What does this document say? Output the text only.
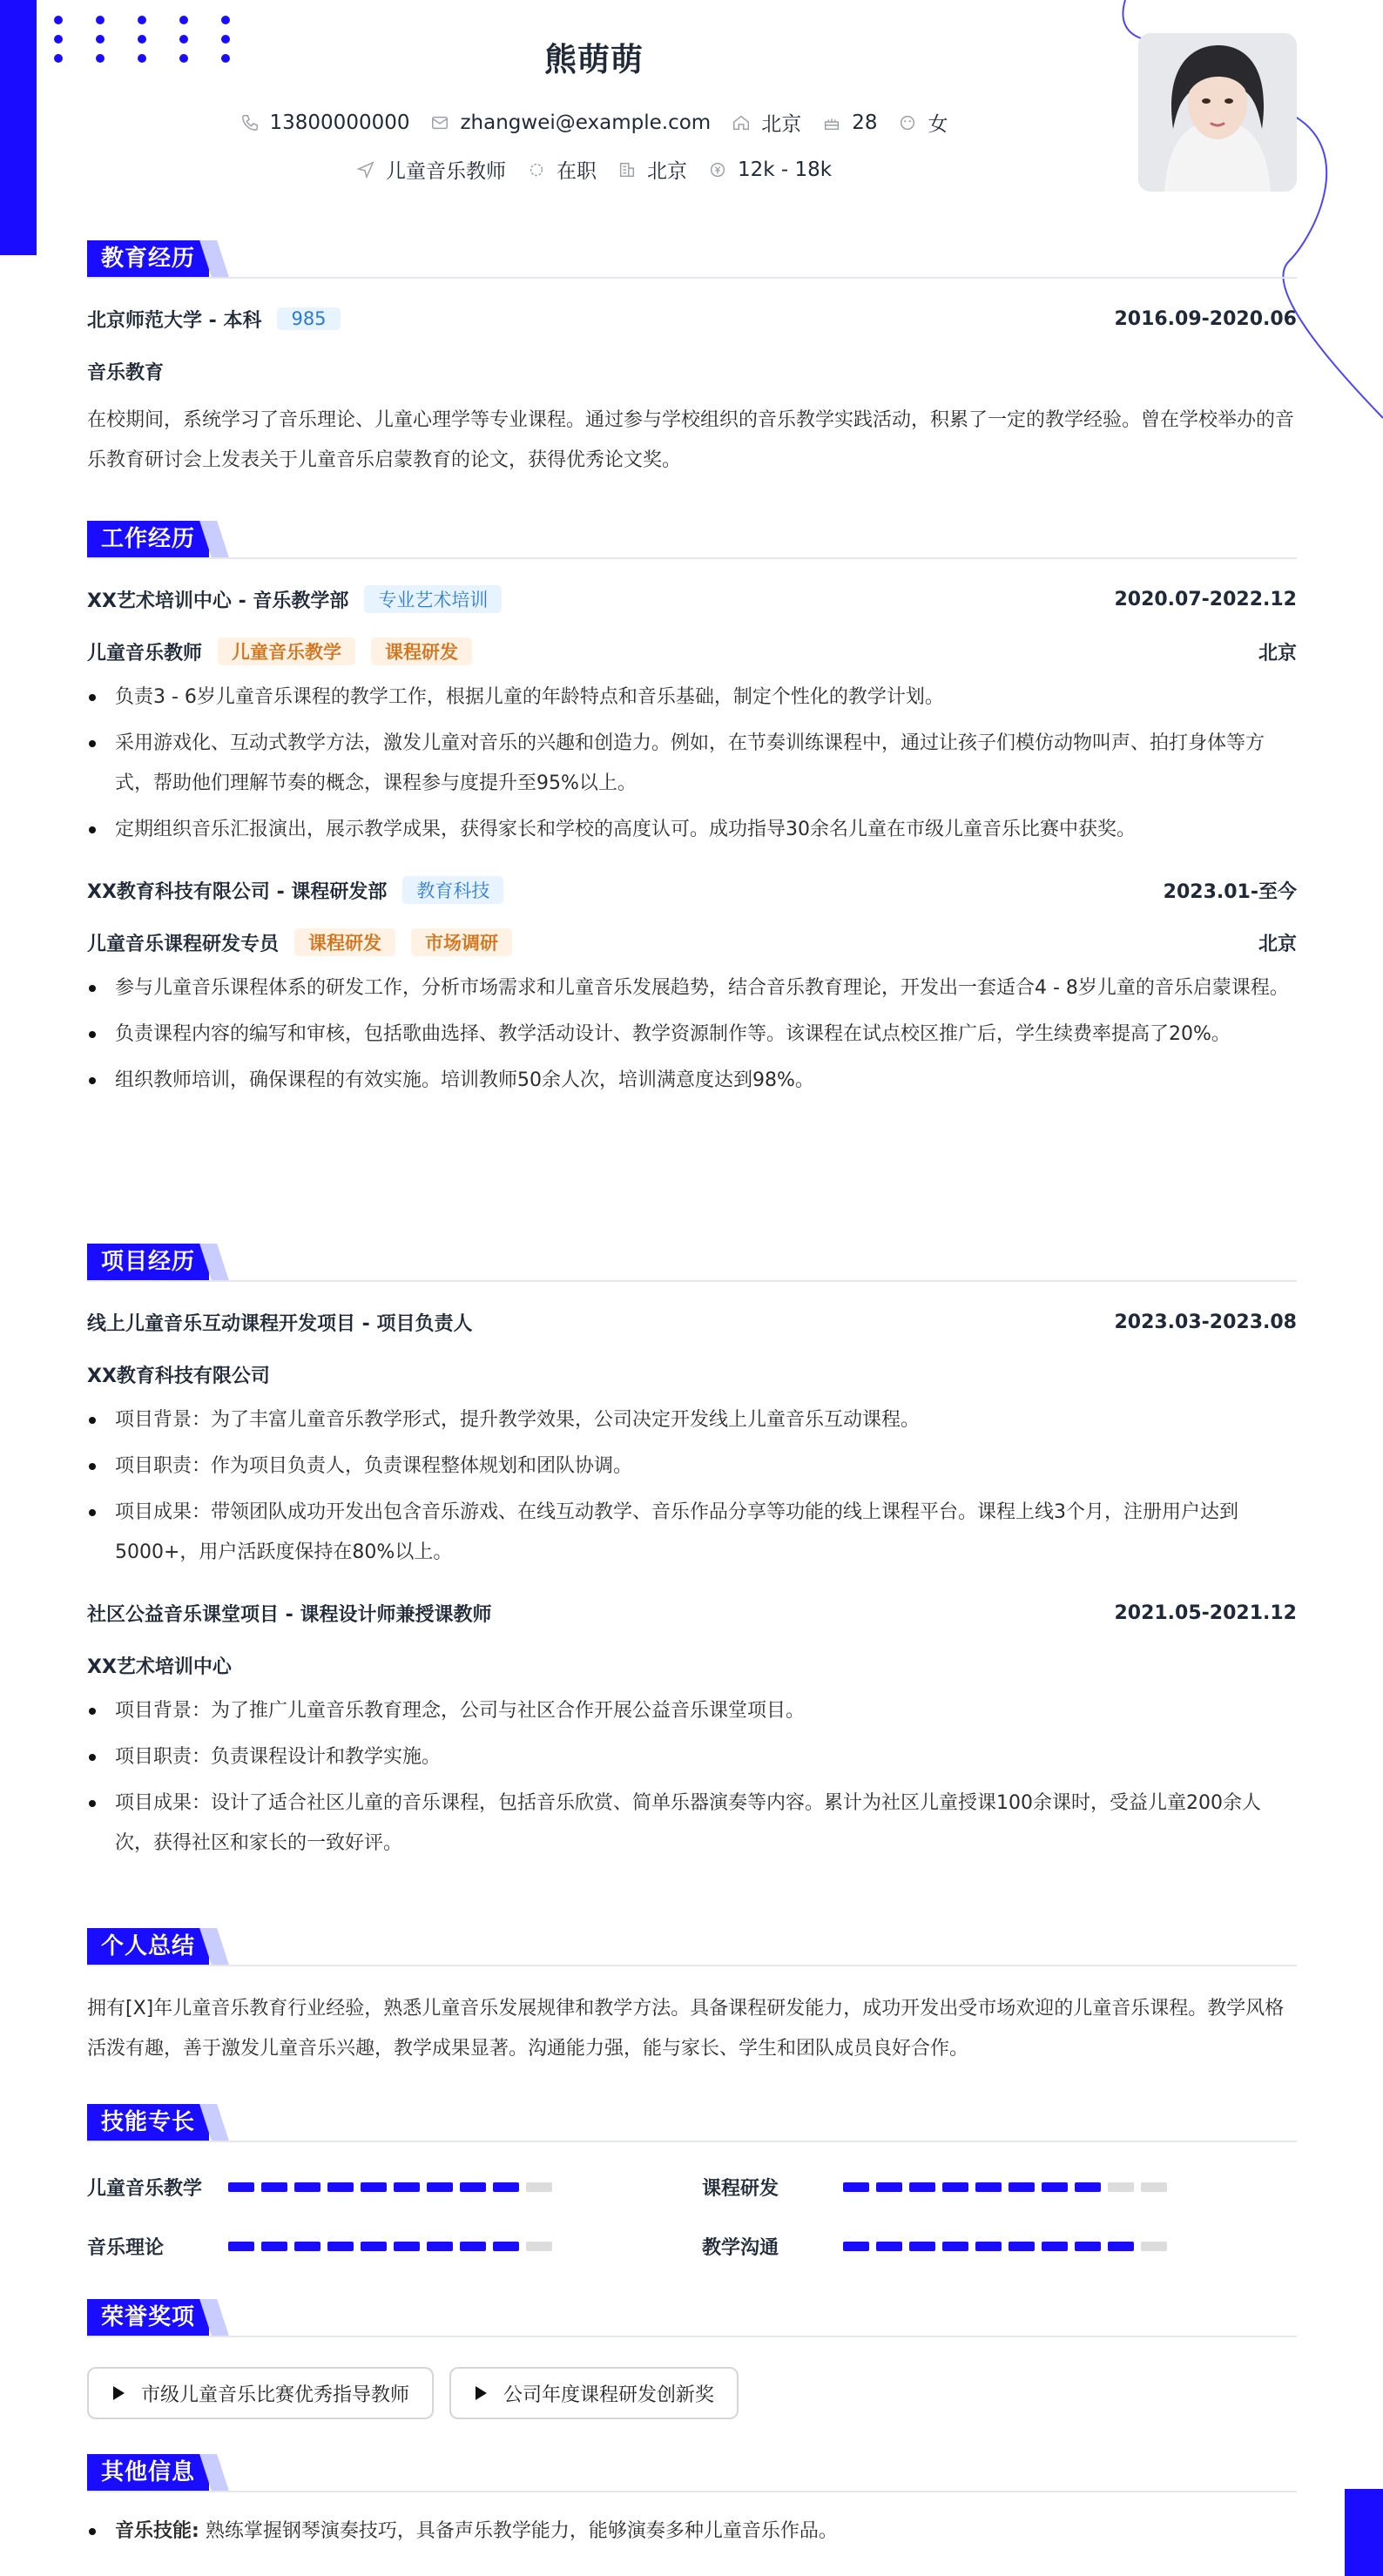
熊萌萌
13800000000	zhangwei@example.com	北京	28	女
儿童音乐教师	在职	北京	12k - 18k
教育经历
北京师范大学 - 本科	985	2016.09-2020.06
音乐教育
在校期间，系统学习了音乐理论、儿童心理学等专业课程。通过参与学校组织的音乐教学实践活动，积累了一定的教学经验。曾在学校举办的音乐教育研讨会上发表关于儿童音乐启蒙教育的论文，获得优秀论文奖。
工作经历
XX艺术培训中心 - 音乐教学部	专业艺术培训	2020.07-2022.12
儿童音乐教师	儿童音乐教学	课程研发	北京
负责3 - 6岁儿童音乐课程的教学工作，根据儿童的年龄特点和音乐基础，制定个性化的教学计划。
采用游戏化、互动式教学方法，激发儿童对音乐的兴趣和创造力。例如，在节奏训练课程中，通过让孩子们模仿动物叫声、拍打身体等方式，帮助他们理解节奏的概念，课程参与度提升至95%以上。
定期组织音乐汇报演出，展示教学成果，获得家长和学校的高度认可。成功指导30余名儿童在市级儿童音乐比赛中获奖。
XX教育科技有限公司 - 课程研发部	教育科技	2023.01-至今
儿童音乐课程研发专员	课程研发	市场调研	北京
参与儿童音乐课程体系的研发工作，分析市场需求和儿童音乐发展趋势，结合音乐教育理论，开发出一套适合4 - 8岁儿童的音乐启蒙课程。
负责课程内容的编写和审核，包括歌曲选择、教学活动设计、教学资源制作等。该课程在试点校区推广后，学生续费率提高了20%。
组织教师培训，确保课程的有效实施。培训教师50余人次，培训满意度达到98%。
项目经历
线上儿童音乐互动课程开发项目 - 项目负责人	2023.03-2023.08
XX教育科技有限公司
项目背景：为了丰富儿童音乐教学形式，提升教学效果，公司决定开发线上儿童音乐互动课程。
项目职责：作为项目负责人，负责课程整体规划和团队协调。
项目成果：带领团队成功开发出包含音乐游戏、在线互动教学、音乐作品分享等功能的线上课程平台。课程上线3个月，注册用户达到5000+，用户活跃度保持在80%以上。
社区公益音乐课堂项目 - 课程设计师兼授课教师	2021.05-2021.12
XX艺术培训中心
项目背景：为了推广儿童音乐教育理念，公司与社区合作开展公益音乐课堂项目。
项目职责：负责课程设计和教学实施。
项目成果：设计了适合社区儿童的音乐课程，包括音乐欣赏、简单乐器演奏等内容。累计为社区儿童授课100余课时，受益儿童200余人次，获得社区和家长的一致好评。
个人总结
拥有[X]年儿童音乐教育行业经验，熟悉儿童音乐发展规律和教学方法。具备课程研发能力，成功开发出受市场欢迎的儿童音乐课程。教学风格活泼有趣，善于激发儿童音乐兴趣，教学成果显著。沟通能力强，能与家长、学生和团队成员良好合作。
技能专长
儿童音乐教学	课程研发
音乐理论	教学沟通
荣誉奖项
市级儿童音乐比赛优秀指导教师	公司年度课程研发创新奖
其他信息
音乐技能: 熟练掌握钢琴演奏技巧，具备声乐教学能力，能够演奏多种儿童音乐作品。
